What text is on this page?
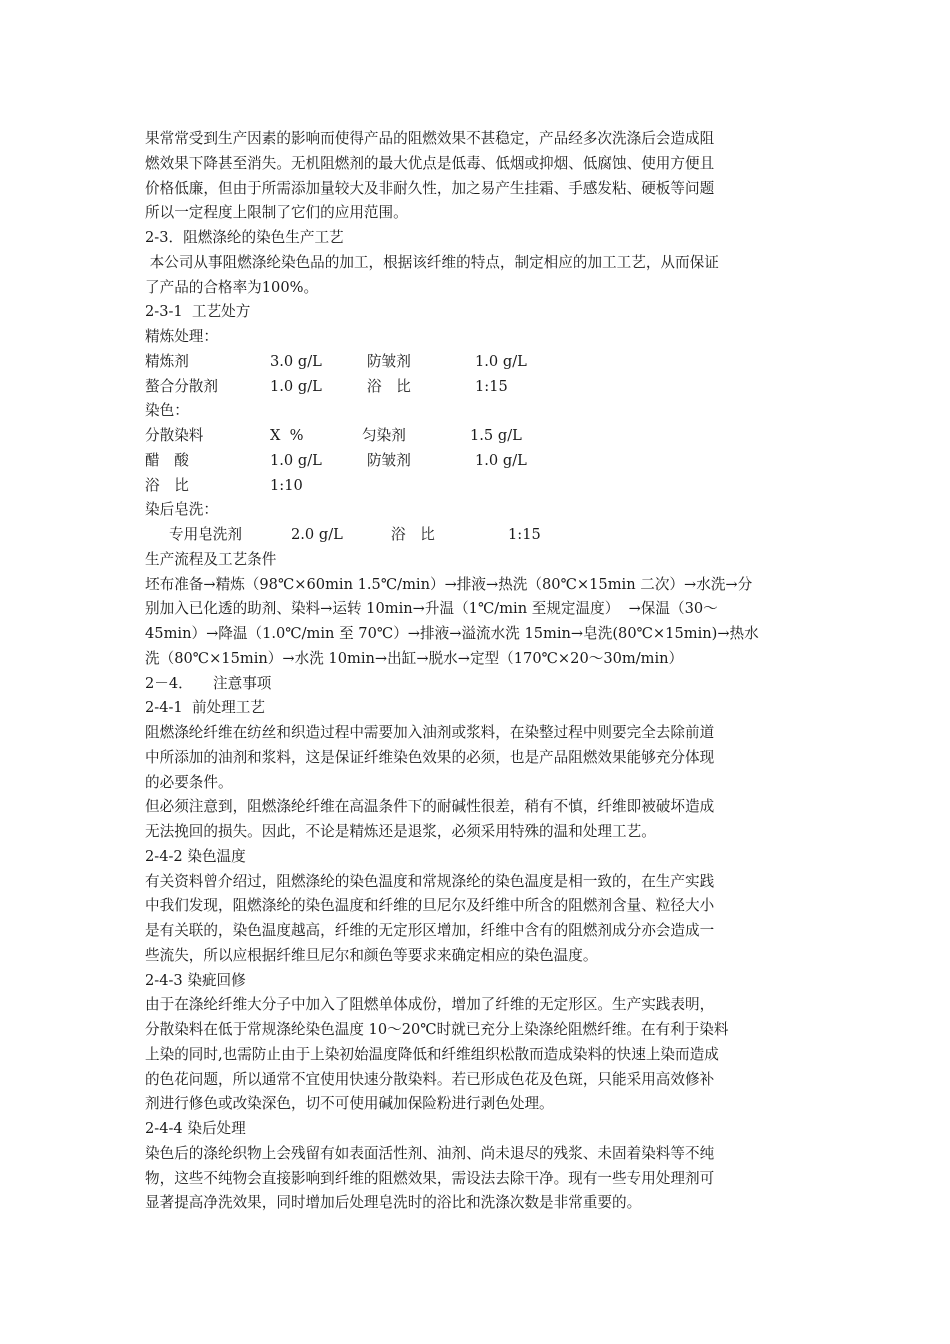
果常常受到生产因素的影响而使得产品的阻燃效果不甚稳定，产品经多次洗涤后会造成阻
燃效果下降甚至消失。无机阻燃剂的最大优点是低毒、低烟或抑烟、低腐蚀、使用方便且
价格低廉，但由于所需添加量较大及非耐久性，加之易产生挂霜、手感发粘、硬板等问题
所以一定程度上限制了它们的应用范围。
2-3．阻燃涤纶的染色生产工艺
本公司从事阻燃涤纶染色品的加工，根据该纤维的特点，制定相应的加工工艺，从而保证
了产品的合格率为100%。
2-3-1  工艺处方
精炼处理：
精炼剂	3.0 g/L	防皱剂	1.0 g/L
螯合分散剂	1.0 g/L	浴　比	1:15
染色：
分散染料	X  %	匀染剂	1.5 g/L
醋　酸	1.0 g/L	防皱剂	1.0 g/L
浴　比	1:10
染后皂洗：
专用皂洗剂	2.0 g/L	浴　比	1:15
生产流程及工艺条件
坯布准备→精炼（98℃×60min 1.5℃/min）→排液→热洗（80℃×15min 二次）→水洗→分
别加入已化透的助剂、染料→运转 10min→升温（1℃/min 至规定温度）  →保温（30～
45min）→降温（1.0℃/min 至 70℃）→排液→溢流水洗 15min→皂洗(80℃×15min)→热水
洗（80℃×15min）→水洗 10min→出缸→脱水→定型（170℃×20～30m/min）
2－4． 注意事项
2-4-1  前处理工艺
阻燃涤纶纤维在纺丝和织造过程中需要加入油剂或浆料，在染整过程中则要完全去除前道
中所添加的油剂和浆料，这是保证纤维染色效果的必须，也是产品阻燃效果能够充分体现
的必要条件。
但必须注意到，阻燃涤纶纤维在高温条件下的耐碱性很差，稍有不慎，纤维即被破坏造成
无法挽回的损失。因此，不论是精炼还是退浆，必须采用特殊的温和处理工艺。
2-4-2 染色温度
有关资料曾介绍过，阻燃涤纶的染色温度和常规涤纶的染色温度是相一致的，在生产实践
中我们发现，阻燃涤纶的染色温度和纤维的旦尼尔及纤维中所含的阻燃剂含量、粒径大小
是有关联的，染色温度越高，纤维的无定形区增加，纤维中含有的阻燃剂成分亦会造成一
些流失，所以应根据纤维旦尼尔和颜色等要求来确定相应的染色温度。
2-4-3 染疵回修
由于在涤纶纤维大分子中加入了阻燃单体成份，增加了纤维的无定形区。生产实践表明，
分散染料在低于常规涤纶染色温度 10～20℃时就已充分上染涤纶阻燃纤维。在有利于染料
上染的同时,也需防止由于上染初始温度降低和纤维组织松散而造成染料的快速上染而造成
的色花问题，所以通常不宜使用快速分散染料。若已形成色花及色斑，只能采用高效修补
剂进行修色或改染深色，切不可使用碱加保险粉进行剥色处理。
2-4-4 染后处理
染色后的涤纶织物上会残留有如表面活性剂、油剂、尚未退尽的残浆、未固着染料等不纯
物，这些不纯物会直接影响到纤维的阻燃效果，需设法去除干净。现有一些专用处理剂可
显著提高净洗效果，同时增加后处理皂洗时的浴比和洗涤次数是非常重要的。
